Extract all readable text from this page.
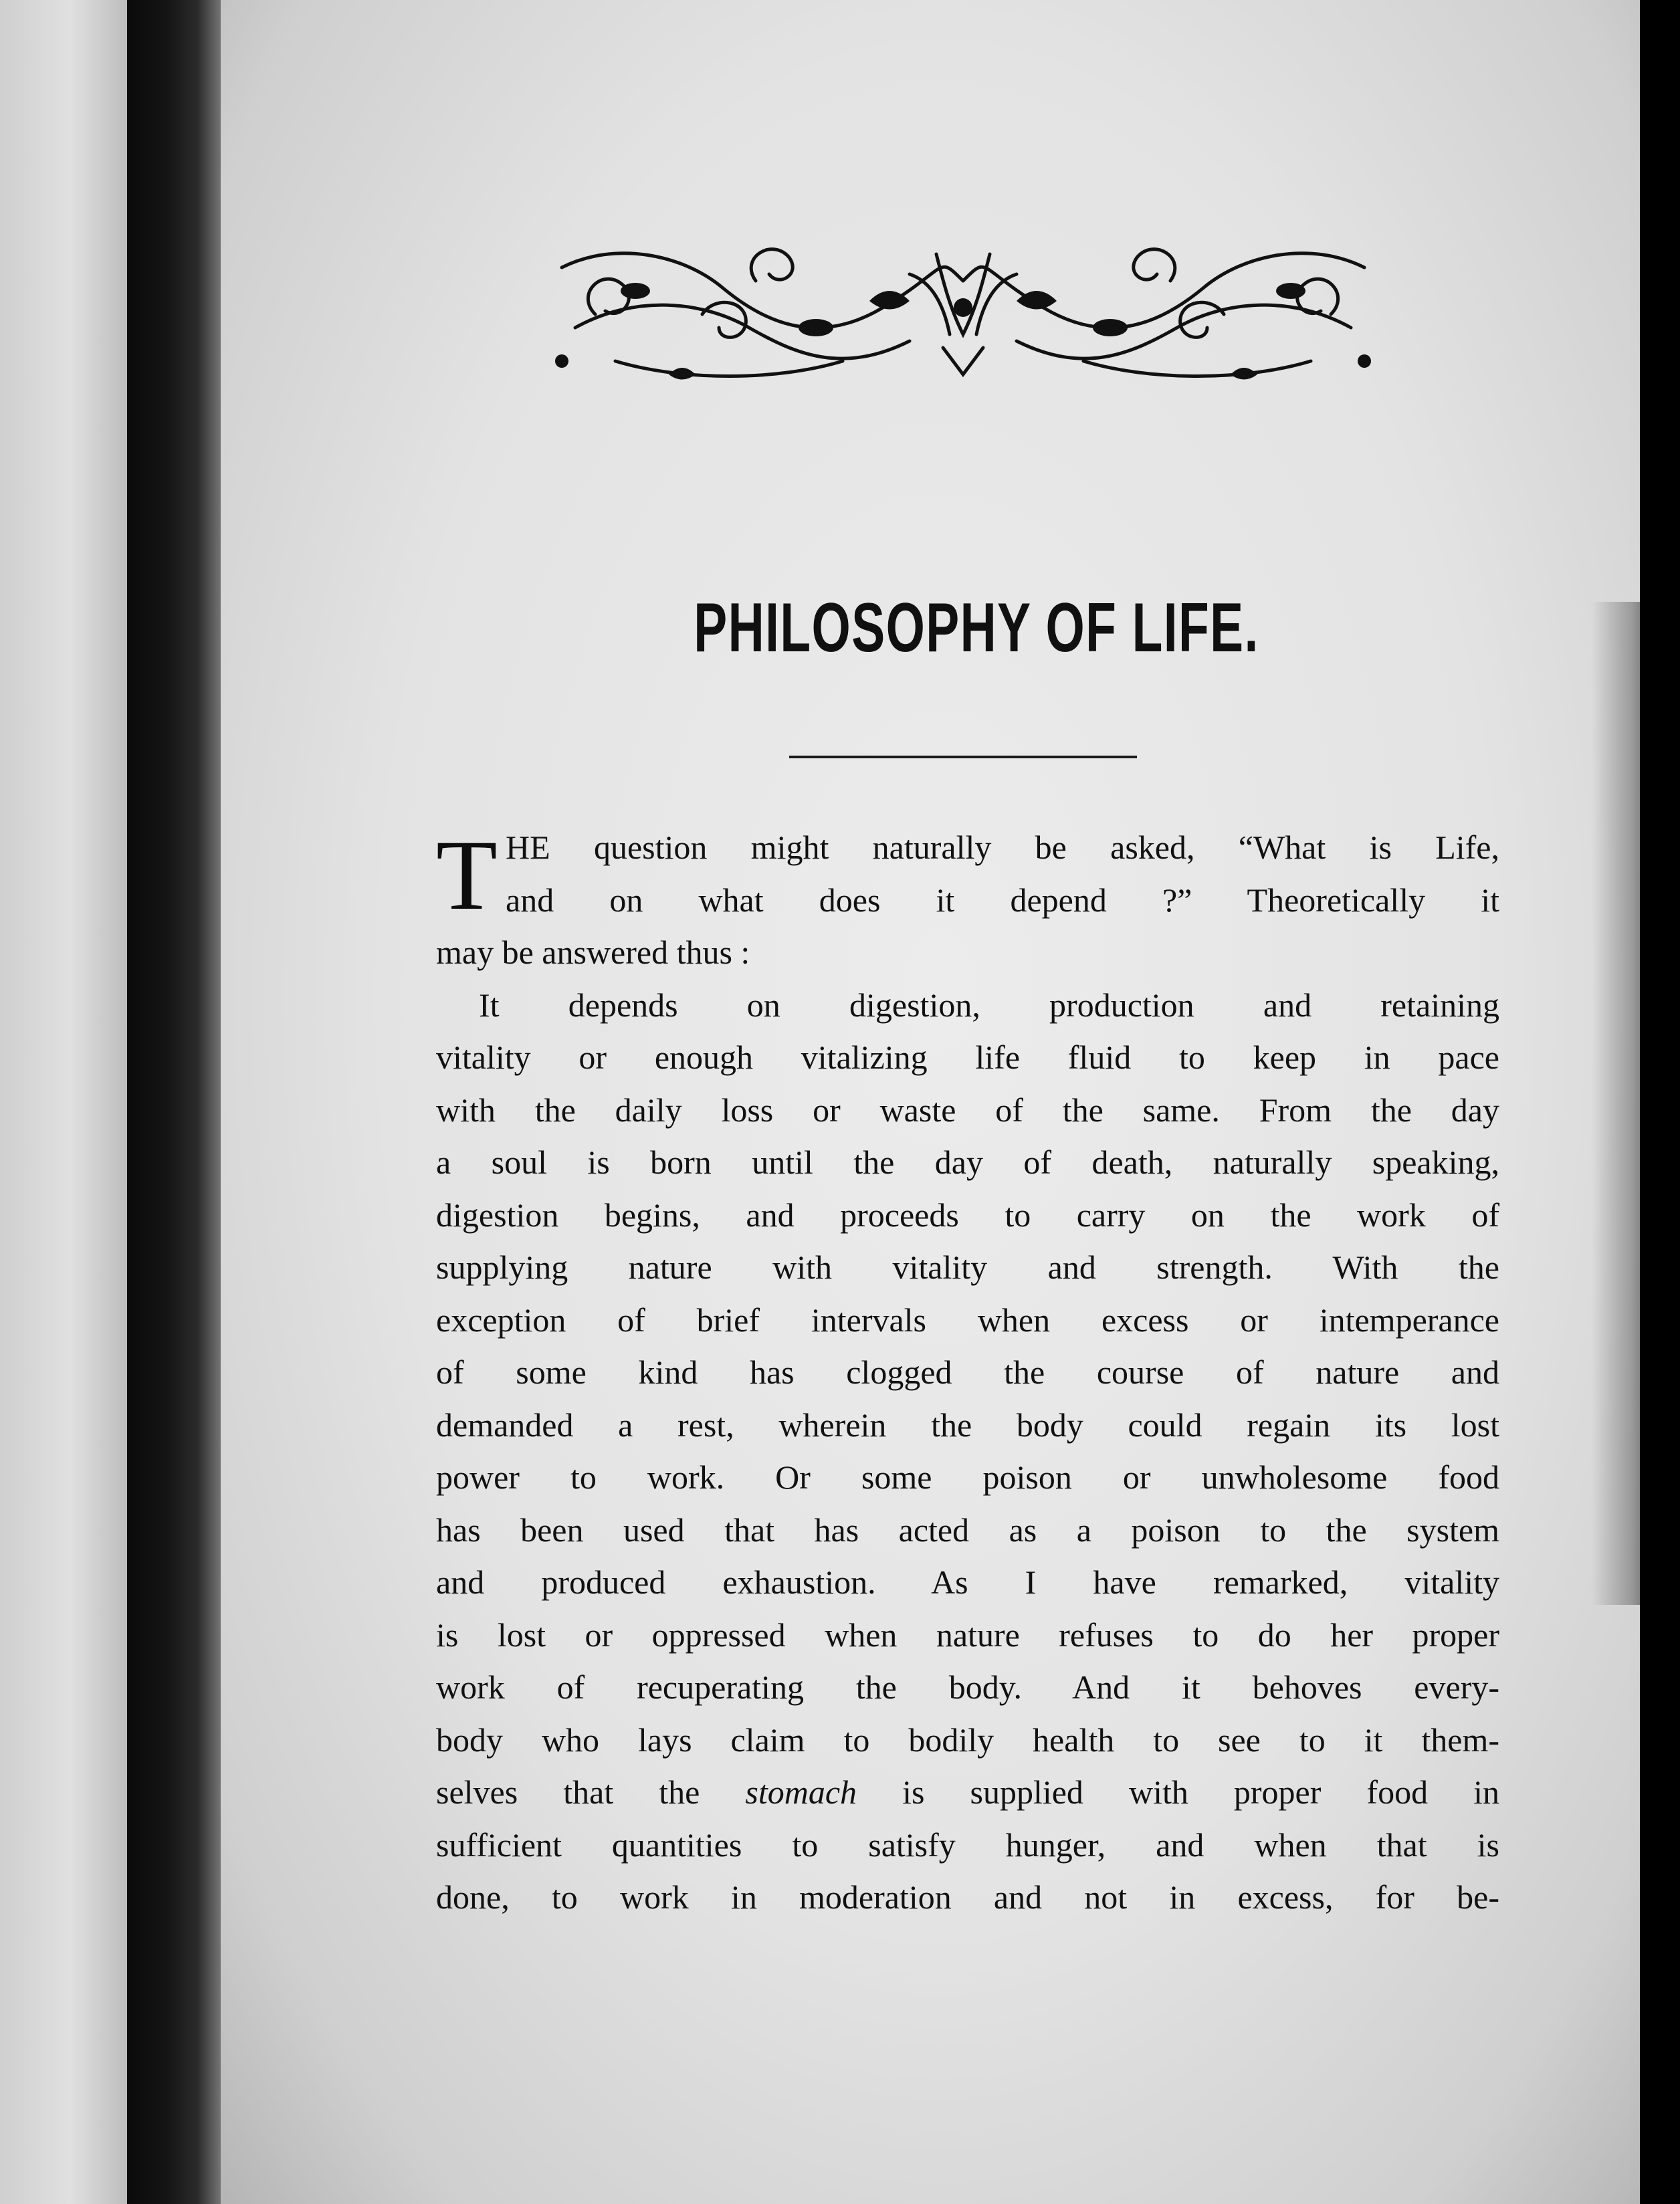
PHILOSOPHY OF LIFE.
T HE question might naturally be asked, “What is Life,
and on what does it depend ?” Theoretically it
may be answered thus :
It depends on digestion, production and retaining
vitality or enough vitalizing life fluid to keep in pace
with the daily loss or waste of the same. From the day
a soul is born until the day of death, naturally speaking,
digestion begins, and proceeds to carry on the work of
supplying nature with vitality and strength. With the
exception of brief intervals when excess or intemperance
of some kind has clogged the course of nature and
demanded a rest, wherein the body could regain its lost
power to work. Or some poison or unwholesome food
has been used that has acted as a poison to the system
and produced exhaustion. As I have remarked, vitality
is lost or oppressed when nature refuses to do her proper
work of recuperating the body. And it behoves every-
body who lays claim to bodily health to see to it them-
selves that the stomach is supplied with proper food in
sufficient quantities to satisfy hunger, and when that is
done, to work in moderation and not in excess, for be-
